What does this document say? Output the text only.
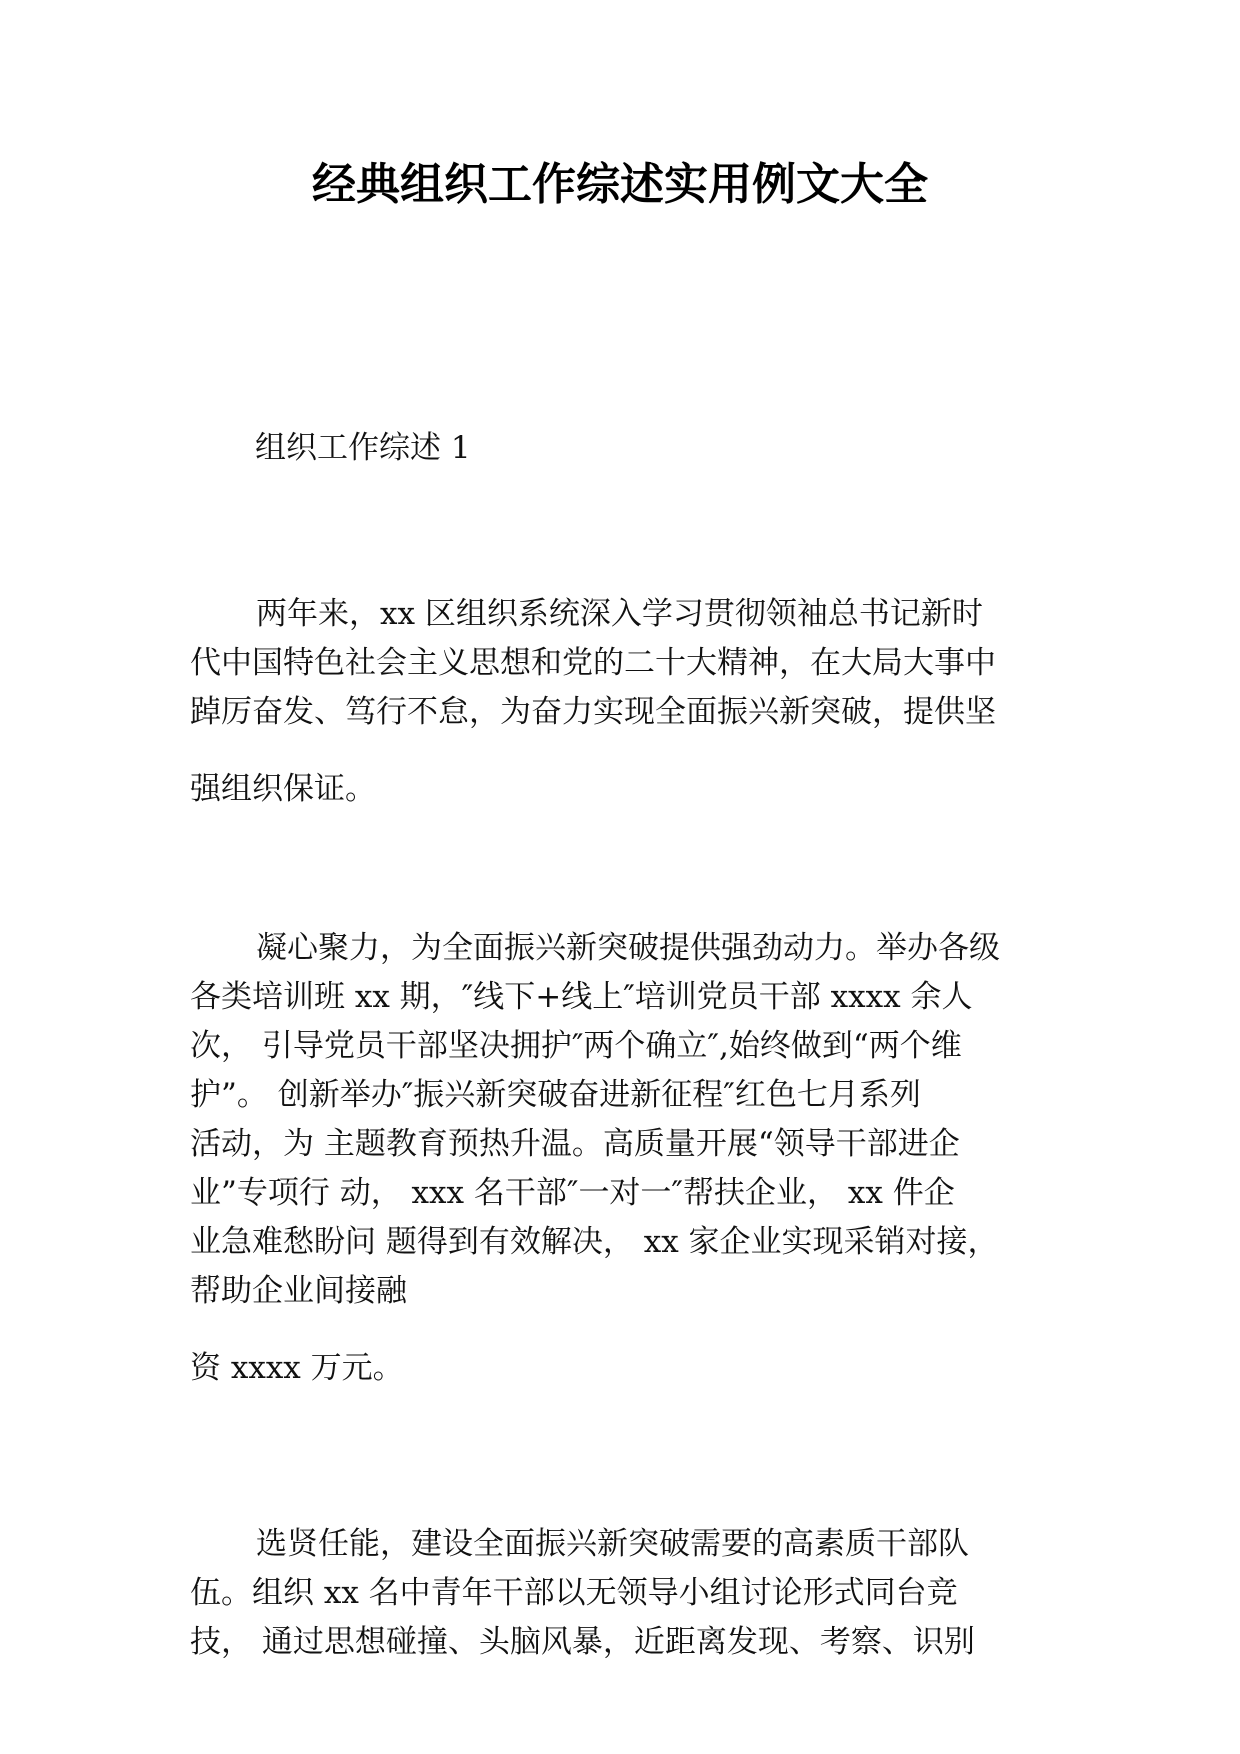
经典组织工作综述实用例文大全

组织工作综述 1

两年来，xx 区组织系统深入学习贯彻领袖总书记新时
代中国特色社会主义思想和党的二十大精神，在大局大事中
踔厉奋发、笃行不怠，为奋力实现全面振兴新突破，提供坚
强组织保证。
凝心聚力，为全面振兴新突破提供强劲动力。举办各级
各类培训班 xx 期，″线下+线上″培训党员干部 xxxx 余人
次， 引导党员干部坚决拥护″两个确立″,始终做到“两个维
护”。 创新举办″振兴新突破奋进新征程″红色七月系列
活动，为 主题教育预热升温。高质量开展“领导干部进企
业”专项行 动， xxx 名干部″一对一″帮扶企业， xx 件企
业急难愁盼问 题得到有效解决， xx 家企业实现采销对接，
帮助企业间接融
资 xxxx 万元。
选贤任能，建设全面振兴新突破需要的高素质干部队
伍。组织 xx 名中青年干部以无领导小组讨论形式同台竞
技， 通过思想碰撞、头脑风暴，近距离发现、考察、识别
